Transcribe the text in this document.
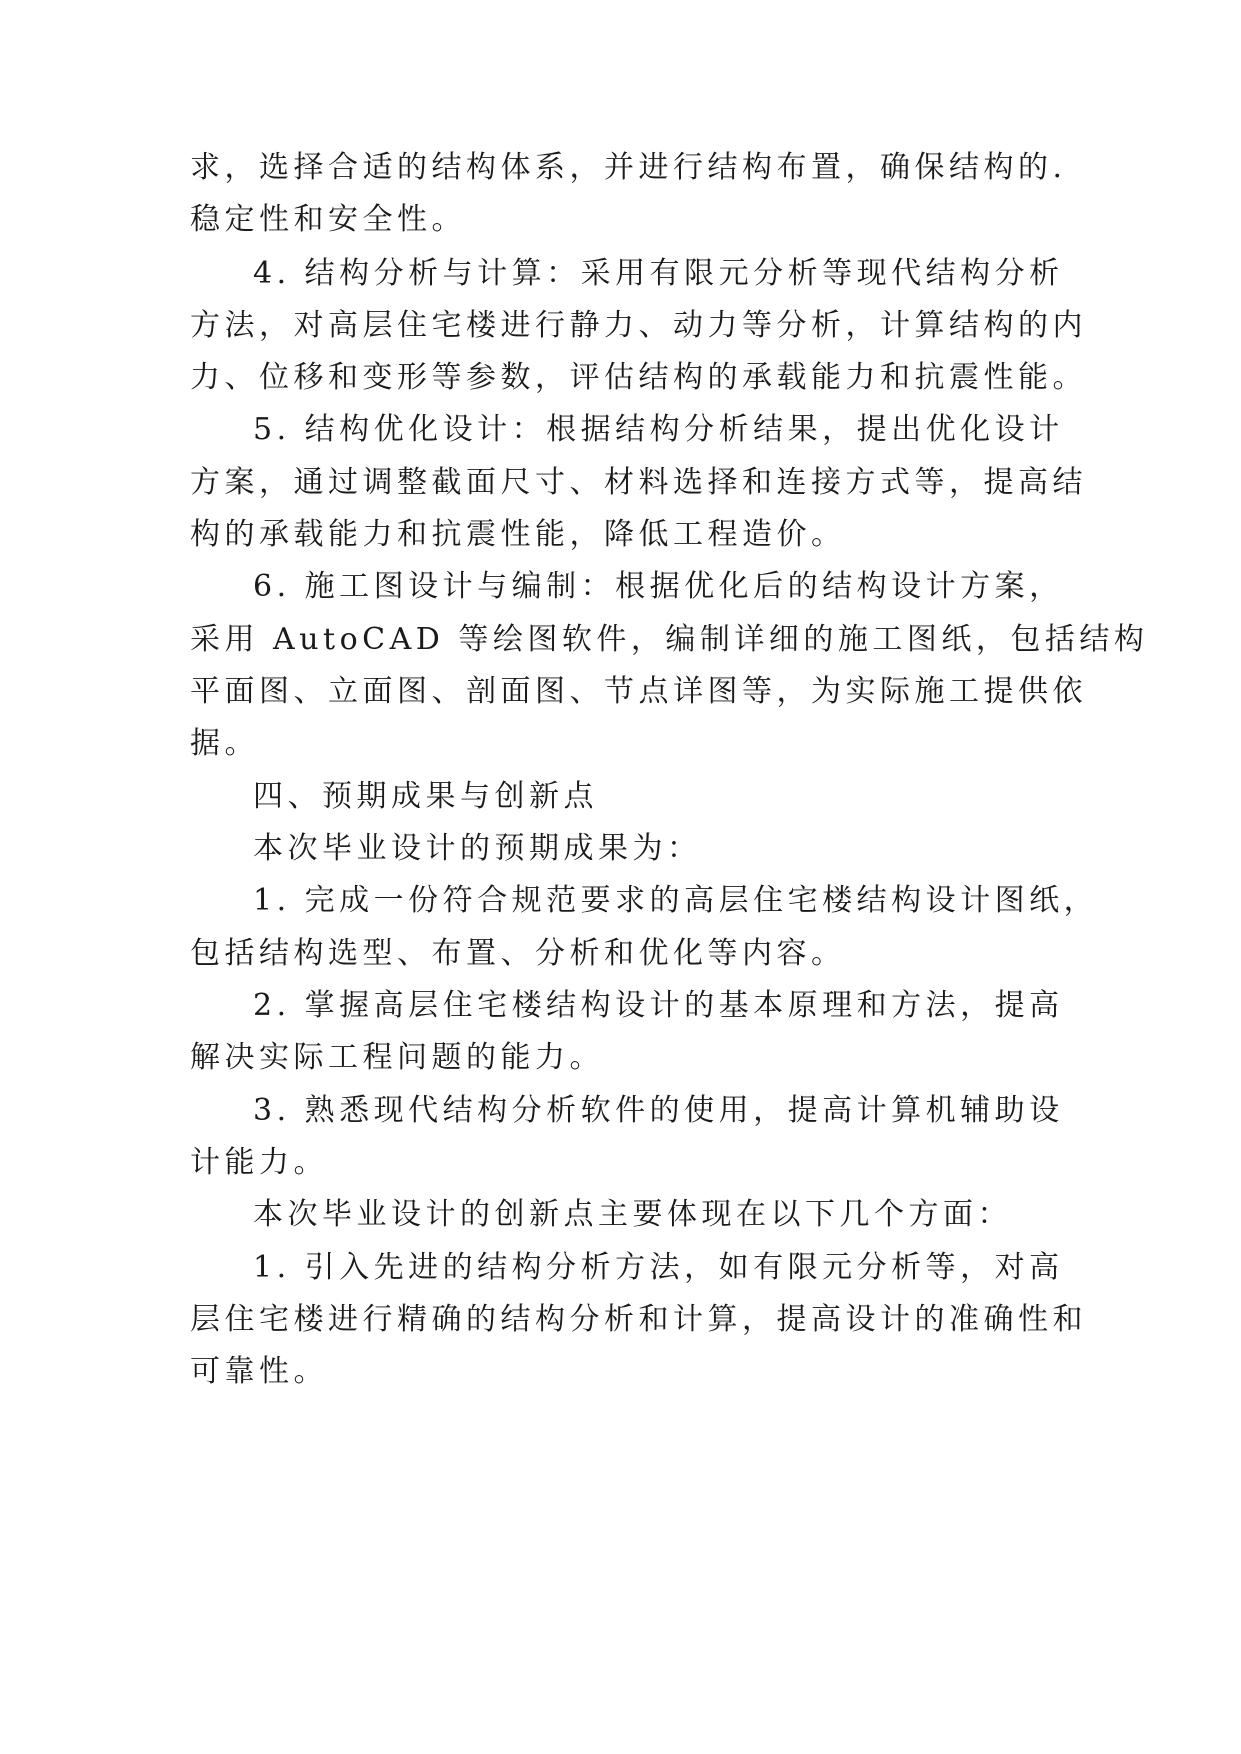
求，选择合适的结构体系，并进行结构布置，确保结构的.
稳定性和安全性。
4. 结构分析与计算：采用有限元分析等现代结构分析
方法，对高层住宅楼进行静力、动力等分析，计算结构的内
力、位移和变形等参数，评估结构的承载能力和抗震性能。
5. 结构优化设计：根据结构分析结果，提出优化设计
方案，通过调整截面尺寸、材料选择和连接方式等，提高结
构的承载能力和抗震性能，降低工程造价。
6. 施工图设计与编制：根据优化后的结构设计方案，
采用 AutoCAD 等绘图软件，编制详细的施工图纸，包括结构
平面图、立面图、剖面图、节点详图等，为实际施工提供依
据。
四、预期成果与创新点
本次毕业设计的预期成果为：
1. 完成一份符合规范要求的高层住宅楼结构设计图纸，
包括结构选型、布置、分析和优化等内容。
2. 掌握高层住宅楼结构设计的基本原理和方法，提高
解决实际工程问题的能力。
3. 熟悉现代结构分析软件的使用，提高计算机辅助设
计能力。
本次毕业设计的创新点主要体现在以下几个方面：
1. 引入先进的结构分析方法，如有限元分析等，对高
层住宅楼进行精确的结构分析和计算，提高设计的准确性和
可靠性。
